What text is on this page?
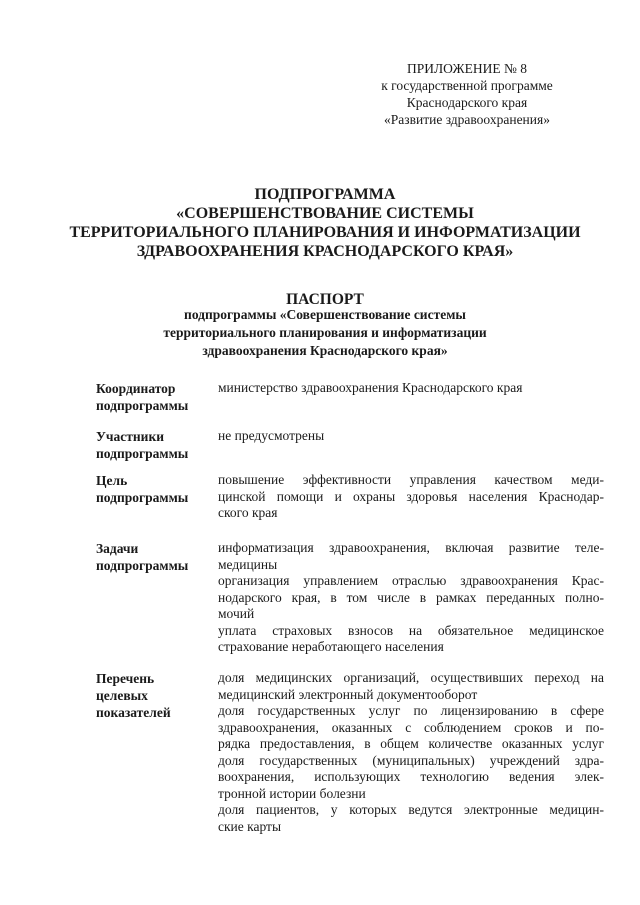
ПРИЛОЖЕНИЕ № 8
к государственной программе
Краснодарского края
«Развитие здравоохранения»
ПОДПРОГРАММА
«СОВЕРШЕНСТВОВАНИЕ СИСТЕМЫ
ТЕРРИТОРИАЛЬНОГО ПЛАНИРОВАНИЯ И ИНФОРМАТИЗАЦИИ
ЗДРАВООХРАНЕНИЯ КРАСНОДАРСКОГО КРАЯ»
ПАСПОРТ
подпрограммы «Совершенствование системы
территориального планирования и информатизации
здравоохранения Краснодарского края»
Координатор
подпрограммы
министерство здравоохранения Краснодарского края
Участники
подпрограммы
не предусмотрены
Цель
подпрограммы
повышение эффективности управления качеством меди-
цинской помощи и охраны здоровья населения Краснодар-
ского края
Задачи
подпрограммы
информатизация здравоохранения, включая развитие теле-
медицины
организация управлением отраслью здравоохранения Крас-
нодарского края, в том числе в рамках переданных полно-
мочий
уплата страховых взносов на обязательное медицинское
страхование неработающего населения
Перечень
целевых
показателей
доля медицинских организаций, осуществивших переход на
медицинский электронный документооборот
доля государственных услуг по лицензированию в сфере
здравоохранения, оказанных с соблюдением сроков и по-
рядка предоставления, в общем количестве оказанных услуг
доля государственных (муниципальных) учреждений здра-
воохранения, использующих технологию ведения элек-
тронной истории болезни
доля пациентов, у которых ведутся электронные медицин-
ские карты
